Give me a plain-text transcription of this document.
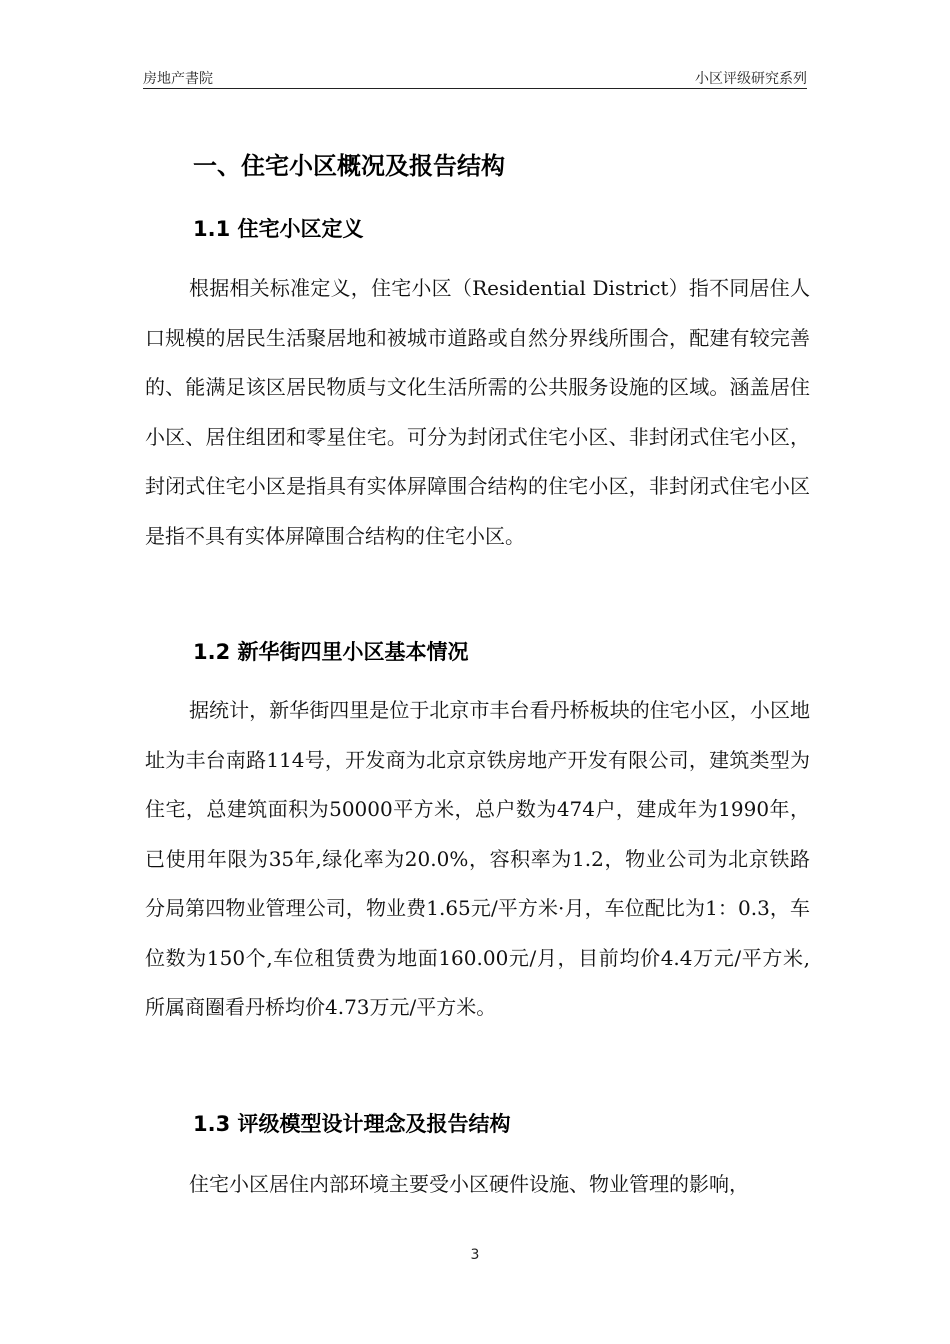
房地产書院	小区评级研究系列
一、住宅小区概况及报告结构
1.1 住宅小区定义

根据相关标准定义，住宅小区（Residential District）指不同居住人口规模的居民生活聚居地和被城市道路或自然分界线所围合，配建有较完善的、能满足该区居民物质与文化生活所需的公共服务设施的区域。涵盖居住小区、居住组团和零星住宅。可分为封闭式住宅小区、非封闭式住宅小区，封闭式住宅小区是指具有实体屏障围合结构的住宅小区，非封闭式住宅小区是指不具有实体屏障围合结构的住宅小区。

1.2 新华街四里小区基本情况

据统计，新华街四里是位于北京市丰台看丹桥板块的住宅小区，小区地址为丰台南路114号，开发商为北京京铁房地产开发有限公司，建筑类型为住宅，总建筑面积为50000平方米，总户数为474户，建成年为1990年，已使用年限为35年,绿化率为20.0%，容积率为1.2，物业公司为北京铁路分局第四物业管理公司，物业费1.65元/平方米·月，车位配比为1：0.3，车位数为150个,车位租赁费为地面160.00元/月，目前均价4.4万元/平方米,所属商圈看丹桥均价4.73万元/平方米。

1.3 评级模型设计理念及报告结构

住宅小区居住内部环境主要受小区硬件设施、物业管理的影响，

3
